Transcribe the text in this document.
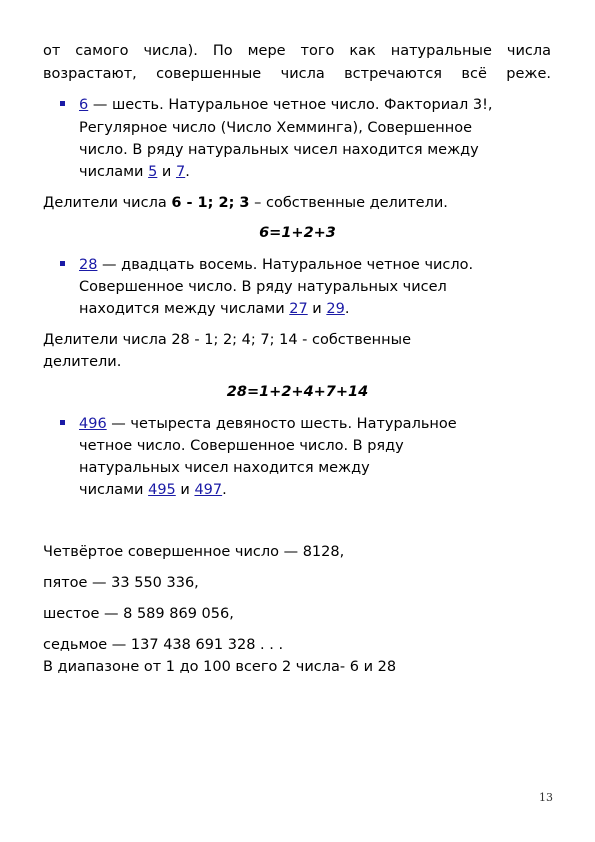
от самого числа). По мере того как натуральные числа
возрастают, совершенные числа встречаются всё реже.
6 — шесть. Натуральное четное число. Факториал 3!,
Регулярное число (Число Хемминга), Совершенное
число. В ряду натуральных чисел находится между
числами 5 и 7.
Делители числа 6 - 1; 2; 3 – собственные делители.
6=1+2+3
28 — двадцать восемь. Натуральное четное число.
Совершенное число. В ряду натуральных чисел
находится между числами 27 и 29.
Делители числа 28 - 1; 2; 4; 7; 14 - собственные
делители.
28=1+2+4+7+14
496 — четыреста девяносто шесть. Натуральное
четное число. Совершенное число. В ряду
натуральных чисел находится между
числами 495 и 497.
Четвёртое совершенное число — 8128,
пятое — 33 550 336,
шестое — 8 589 869 056,
седьмое — 137 438 691 328 . . .
В диапазоне от 1 до 100 всего 2 числа- 6 и 28
13
